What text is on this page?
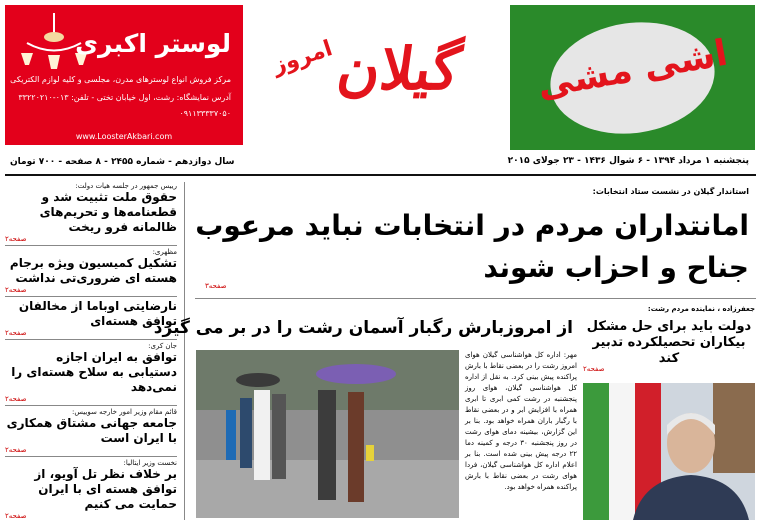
لوستر اکبری
مرکز فروش انواع لوسترهای مدرن، مجلسی و کلیه لوازم الکتریکی
آدرس نمایشگاه: رشت، اول خیابان تختی - تلفن: ۰۱۳-۳۳۲۲۰۲۱۰
۰۹۱۱۳۳۳۳۷۰۵۰
www.LoosterAkbari.com
گیلان
امروز	اشی مشی
پنجشنبه ۱ مرداد ۱۳۹۴ - ۶ شوال ۱۴۳۶ - ۲۳ جولای ۲۰۱۵
سال دوازدهم - شماره ۲۴۵۵ - ۸ صفحه - ۷۰۰ تومان
رییس جمهور در جلسه هیات دولت:
حقوق ملت تثبیت شد و قطعنامه‌ها و تحریم‌های ظالمانه فرو ریخت
صفحه۲
مظهری:
تشکیل کمیسیون ویژه برجام هسته ای ضروری‌تی نداشت
صفحه۲
نارضایتی اوباما از مخالفان توافق هسته‌ای
صفحه۲
جان کری:
توافق به ایران اجازه دستیابی به سلاح هسته‌ای را نمی‌دهد
صفحه۲
قائم مقام وزیر امور خارجه سوییس:
جامعه جهانی مشتاق همکاری با ایران است
صفحه۲
نخست وزیر ایتالیا:
بر خلاف نظر تل آویو، از توافق هسته ای با ایران حمایت می کنیم
صفحه۲
استاندار گیلان در نشست ستاد انتخابات:
امانتداران مردم در انتخابات نباید مرعوب جناح و احزاب شوند
صفحه۳
از امروزبارش رگبار آسمان رشت را در بر می گیرد
مهر: اداره کل هواشناسی گیلان هوای امروز رشت را در بعضی نقاط با بارش پراکنده پیش بینی کرد. به نقل از اداره کل هواشناسی گیلان، هوای روز پنجشنبه در رشت کمی ابری تا ابری همراه با افزایش ابر و در بعضی نقاط با رگبار باران همراه خواهد بود. بنا بر این گزارش، بیشینه دمای هوای رشت در روز پنجشنبه ۳۰ درجه و کمینه دما ۲۲ درجه پیش بینی شده است. بنا بر اعلام اداره کل هواشناسی گیلان، فردا هوای رشت در بعضی نقاط با بارش پراکنده همراه خواهد بود.
جعفرزاده ، نماینده مردم رشت:
دولت باید برای حل مشکل بیکاران تحصیلکرده تدبیر کند
صفحه۲
